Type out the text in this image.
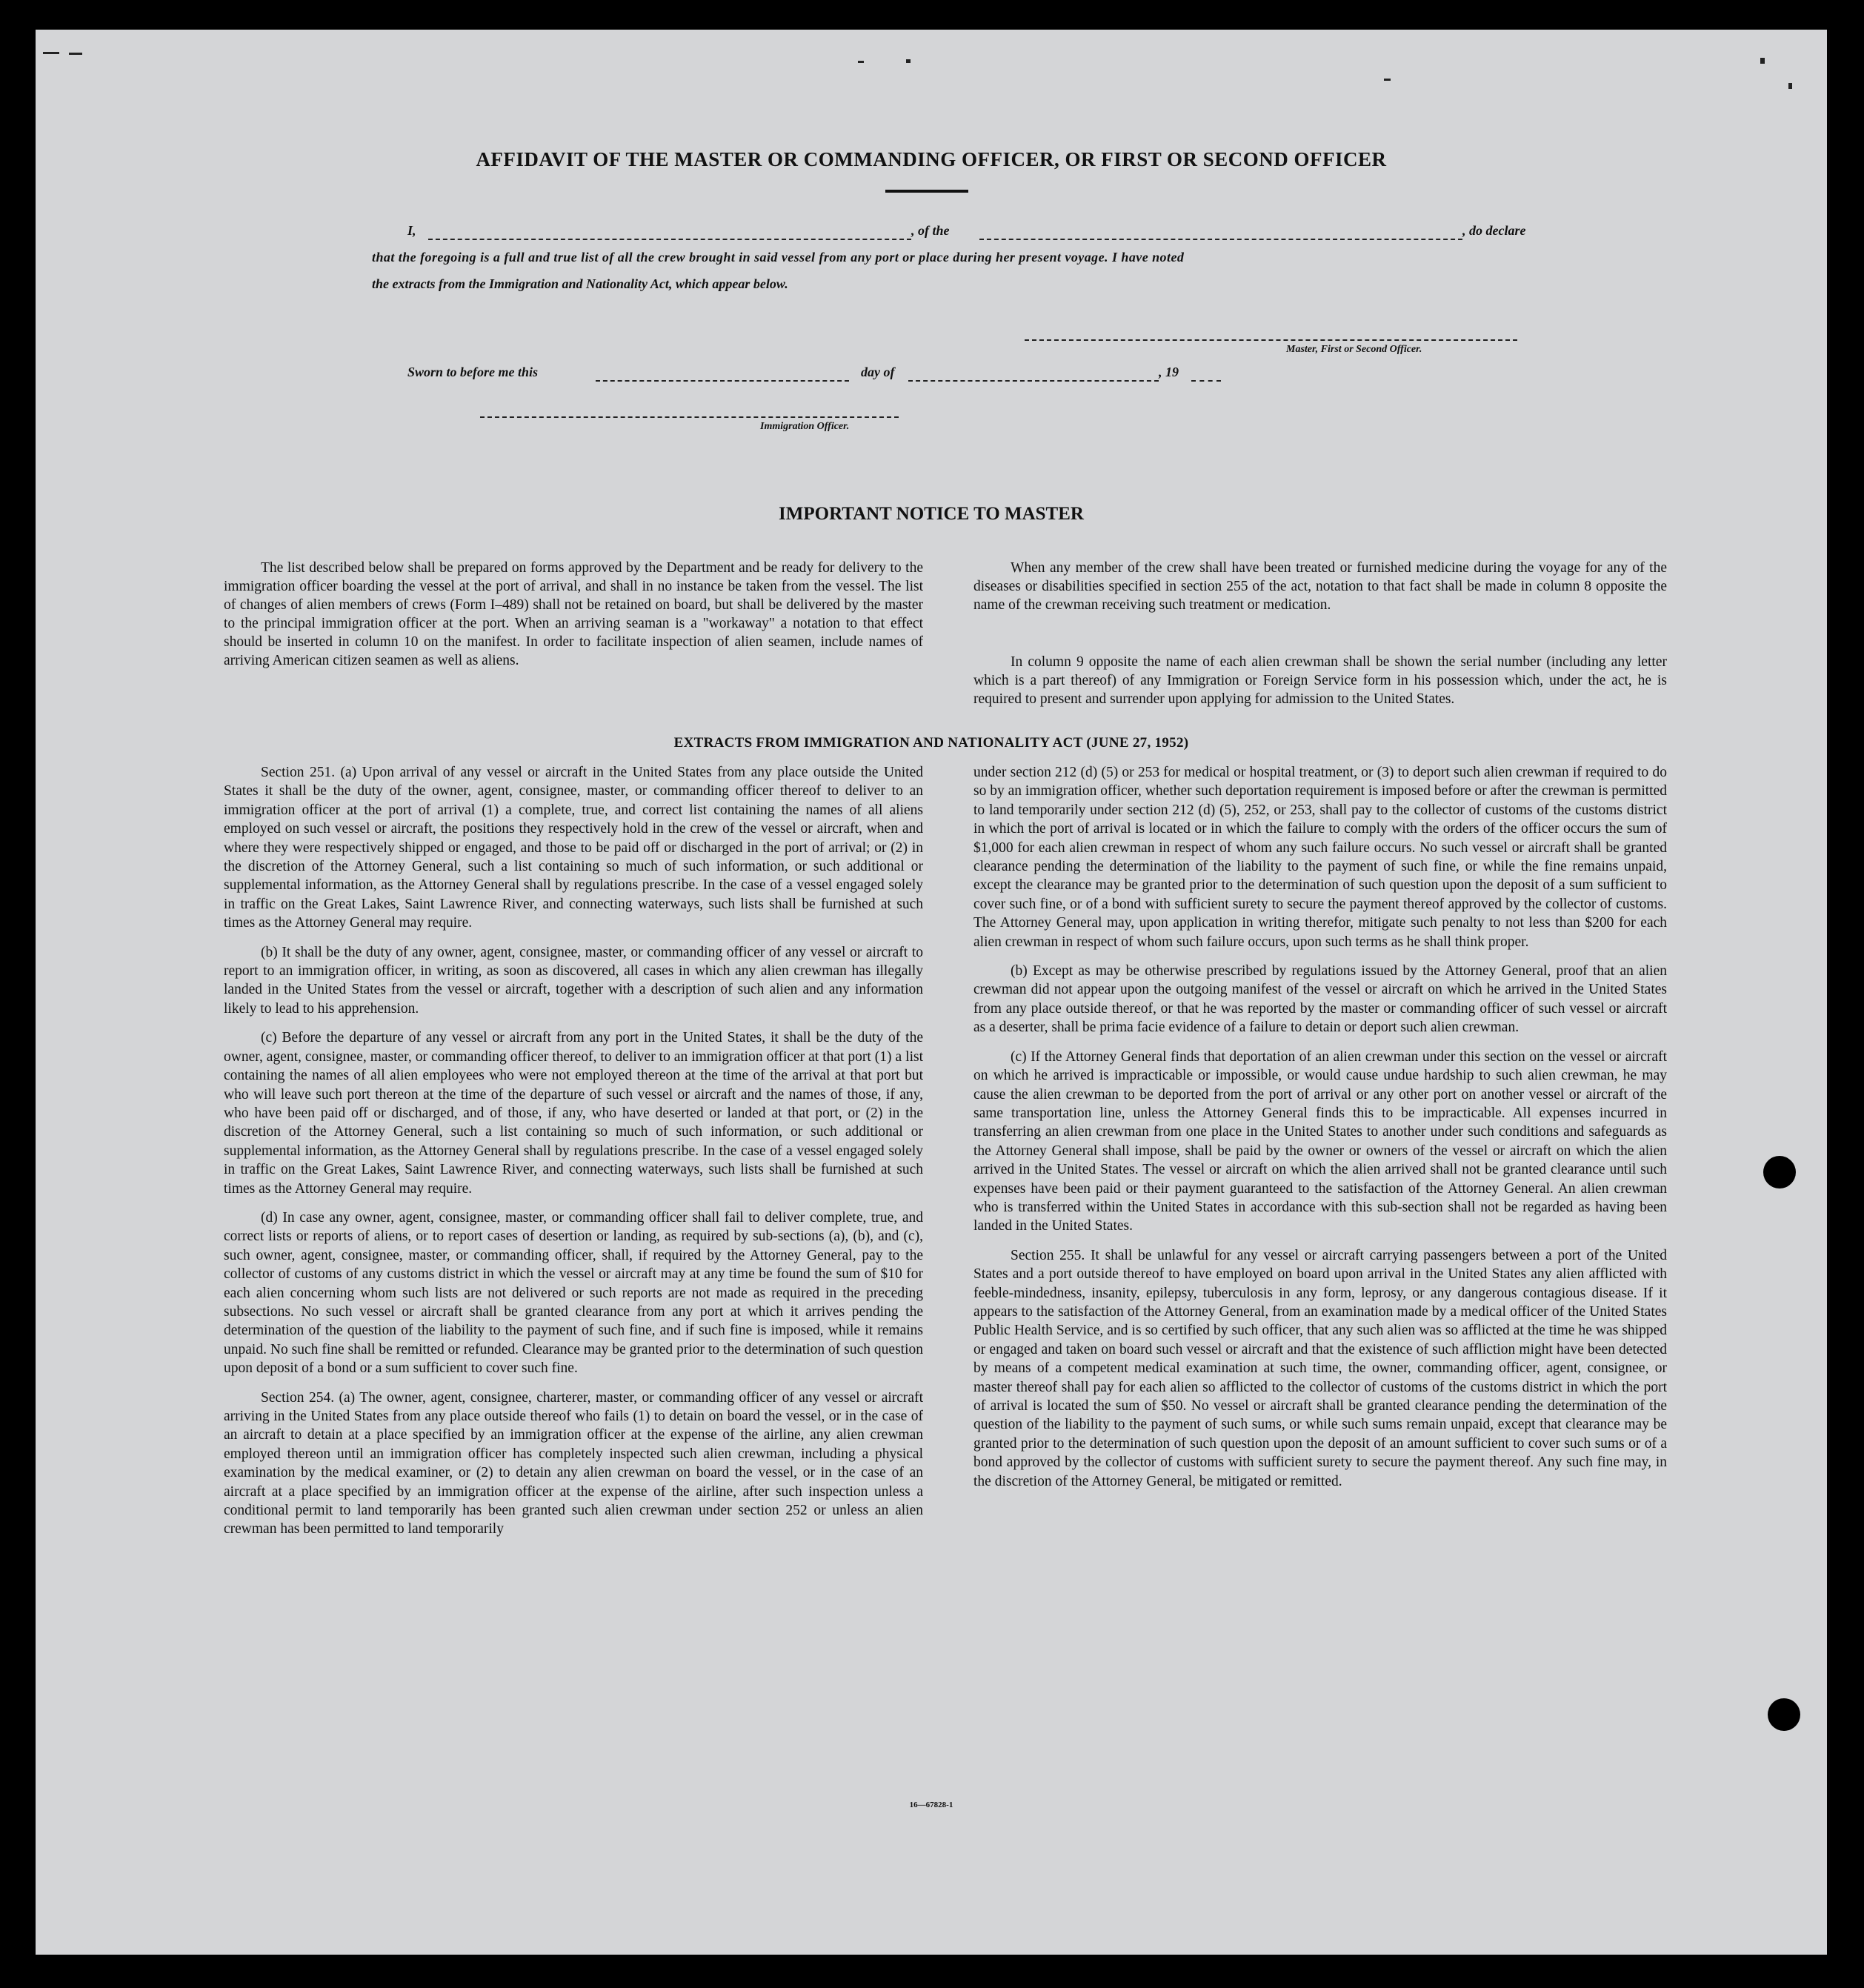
AFFIDAVIT OF THE MASTER OR COMMANDING OFFICER, OR FIRST OR SECOND OFFICER
I,	, of the	, do declare
that the foregoing is a full and true list of all the crew brought in said vessel from any port or place during her present voyage. I have noted
the extracts from the Immigration and Nationality Act, which appear below.
Master, First or Second Officer.
Sworn to before me this	day of	, 19
Immigration Officer.
IMPORTANT NOTICE TO MASTER

The list described below shall be prepared on forms approved by the Department and be ready for delivery to the immigration officer boarding the vessel at the port of arrival, and shall in no instance be taken from the vessel. The list of changes of alien members of crews (Form I–489) shall not be retained on board, but shall be delivered by the master to the principal immigration officer at the port. When an arriving seaman is a "workaway" a notation to that effect should be inserted in column 10 on the manifest. In order to facilitate inspection of alien seamen, include names of arriving American citizen seamen as well as aliens.

When any member of the crew shall have been treated or furnished medicine during the voyage for any of the diseases or disabilities specified in section 255 of the act, notation to that fact shall be made in column 8 opposite the name of the crewman receiving such treatment or medication.

In column 9 opposite the name of each alien crewman shall be shown the serial number (including any letter which is a part thereof) of any Immigration or Foreign Service form in his possession which, under the act, he is required to present and surrender upon applying for admission to the United States.

EXTRACTS FROM IMMIGRATION AND NATIONALITY ACT (JUNE 27, 1952)

Section 251. (a) Upon arrival of any vessel or aircraft in the United States from any place outside the United States it shall be the duty of the owner, agent, consignee, master, or commanding officer thereof to deliver to an immigration officer at the port of arrival (1) a complete, true, and correct list containing the names of all aliens employed on such vessel or aircraft, the positions they respectively hold in the crew of the vessel or aircraft, when and where they were respectively shipped or engaged, and those to be paid off or discharged in the port of arrival; or (2) in the discretion of the Attorney General, such a list containing so much of such information, or such additional or supplemental information, as the Attorney General shall by regulations prescribe. In the case of a vessel engaged solely in traffic on the Great Lakes, Saint Lawrence River, and connecting waterways, such lists shall be furnished at such times as the Attorney General may require.

(b) It shall be the duty of any owner, agent, consignee, master, or commanding officer of any vessel or aircraft to report to an immigration officer, in writing, as soon as discovered, all cases in which any alien crewman has illegally landed in the United States from the vessel or aircraft, together with a description of such alien and any information likely to lead to his apprehension.

(c) Before the departure of any vessel or aircraft from any port in the United States, it shall be the duty of the owner, agent, consignee, master, or commanding officer thereof, to deliver to an immigration officer at that port (1) a list containing the names of all alien employees who were not employed thereon at the time of the arrival at that port but who will leave such port thereon at the time of the departure of such vessel or aircraft and the names of those, if any, who have been paid off or discharged, and of those, if any, who have deserted or landed at that port, or (2) in the discretion of the Attorney General, such a list containing so much of such information, or such additional or supplemental information, as the Attorney General shall by regulations prescribe. In the case of a vessel engaged solely in traffic on the Great Lakes, Saint Lawrence River, and connecting waterways, such lists shall be furnished at such times as the Attorney General may require.

(d) In case any owner, agent, consignee, master, or commanding officer shall fail to deliver complete, true, and correct lists or reports of aliens, or to report cases of desertion or landing, as required by sub-sections (a), (b), and (c), such owner, agent, consignee, master, or commanding officer, shall, if required by the Attorney General, pay to the collector of customs of any customs district in which the vessel or aircraft may at any time be found the sum of $10 for each alien concerning whom such lists are not delivered or such reports are not made as required in the preceding subsections. No such vessel or aircraft shall be granted clearance from any port at which it arrives pending the determination of the question of the liability to the payment of such fine, and if such fine is imposed, while it remains unpaid. No such fine shall be remitted or refunded. Clearance may be granted prior to the determination of such question upon deposit of a bond or a sum sufficient to cover such fine.

Section 254. (a) The owner, agent, consignee, charterer, master, or commanding officer of any vessel or aircraft arriving in the United States from any place outside thereof who fails (1) to detain on board the vessel, or in the case of an aircraft to detain at a place specified by an immigration officer at the expense of the airline, any alien crewman employed thereon until an immigration officer has completely inspected such alien crewman, including a physical examination by the medical examiner, or (2) to detain any alien crewman on board the vessel, or in the case of an aircraft at a place specified by an immigration officer at the expense of the airline, after such inspection unless a conditional permit to land temporarily has been granted such alien crewman under section 252 or unless an alien crewman has been permitted to land temporarily

under section 212 (d) (5) or 253 for medical or hospital treatment, or (3) to deport such alien crewman if required to do so by an immigration officer, whether such deportation requirement is imposed before or after the crewman is permitted to land temporarily under section 212 (d) (5), 252, or 253, shall pay to the collector of customs of the customs district in which the port of arrival is located or in which the failure to comply with the orders of the officer occurs the sum of $1,000 for each alien crewman in respect of whom any such failure occurs. No such vessel or aircraft shall be granted clearance pending the determination of the liability to the payment of such fine, or while the fine remains unpaid, except the clearance may be granted prior to the determination of such question upon the deposit of a sum sufficient to cover such fine, or of a bond with sufficient surety to secure the payment thereof approved by the collector of customs. The Attorney General may, upon application in writing therefor, mitigate such penalty to not less than $200 for each alien crewman in respect of whom such failure occurs, upon such terms as he shall think proper.

(b) Except as may be otherwise prescribed by regulations issued by the Attorney General, proof that an alien crewman did not appear upon the outgoing manifest of the vessel or aircraft on which he arrived in the United States from any place outside thereof, or that he was reported by the master or commanding officer of such vessel or aircraft as a deserter, shall be prima facie evidence of a failure to detain or deport such alien crewman.

(c) If the Attorney General finds that deportation of an alien crewman under this section on the vessel or aircraft on which he arrived is impracticable or impossible, or would cause undue hardship to such alien crewman, he may cause the alien crewman to be deported from the port of arrival or any other port on another vessel or aircraft of the same transportation line, unless the Attorney General finds this to be impracticable. All expenses incurred in transferring an alien crewman from one place in the United States to another under such conditions and safeguards as the Attorney General shall impose, shall be paid by the owner or owners of the vessel or aircraft on which the alien arrived in the United States. The vessel or aircraft on which the alien arrived shall not be granted clearance until such expenses have been paid or their payment guaranteed to the satisfaction of the Attorney General. An alien crewman who is transferred within the United States in accordance with this sub-section shall not be regarded as having been landed in the United States.

Section 255. It shall be unlawful for any vessel or aircraft carrying passengers between a port of the United States and a port outside thereof to have employed on board upon arrival in the United States any alien afflicted with feeble-mindedness, insanity, epilepsy, tuberculosis in any form, leprosy, or any dangerous contagious disease. If it appears to the satisfaction of the Attorney General, from an examination made by a medical officer of the United States Public Health Service, and is so certified by such officer, that any such alien was so afflicted at the time he was shipped or engaged and taken on board such vessel or aircraft and that the existence of such affliction might have been detected by means of a competent medical examination at such time, the owner, commanding officer, agent, consignee, or master thereof shall pay for each alien so afflicted to the collector of customs of the customs district in which the port of arrival is located the sum of $50. No vessel or aircraft shall be granted clearance pending the determination of the question of the liability to the payment of such sums, or while such sums remain unpaid, except that clearance may be granted prior to the determination of such question upon the deposit of an amount sufficient to cover such sums or of a bond approved by the collector of customs with sufficient surety to secure the payment thereof. Any such fine may, in the discretion of the Attorney General, be mitigated or remitted.

16—67828-1
